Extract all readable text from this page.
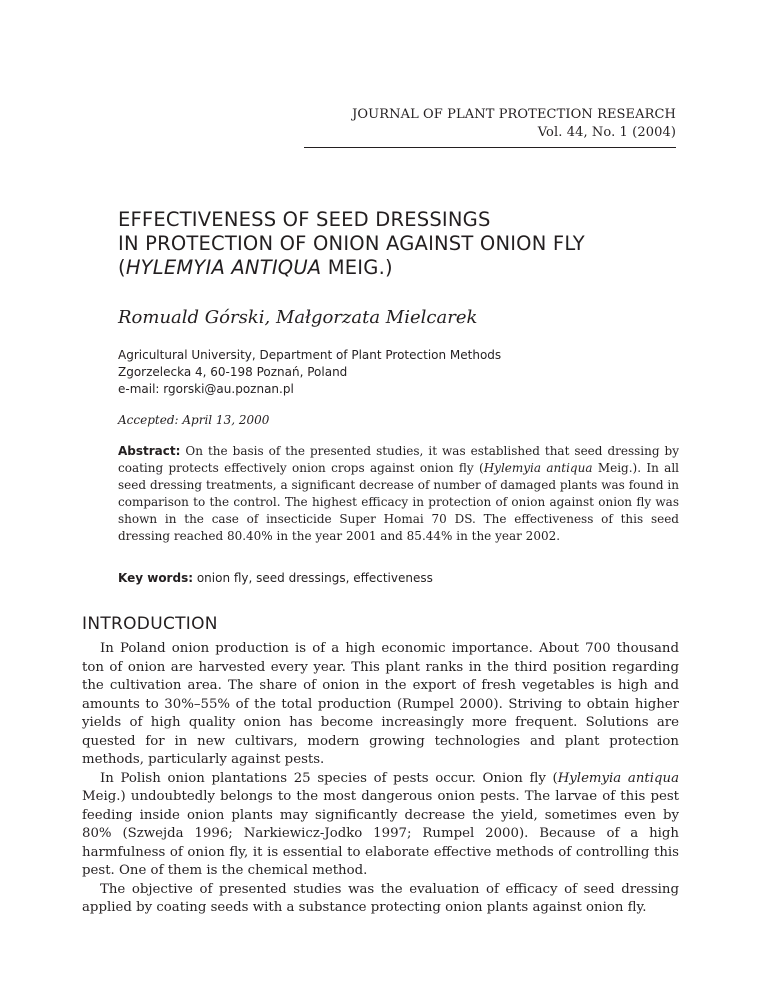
JOURNAL OF PLANT PROTECTION RESEARCH
Vol. 44, No. 1 (2004)
EFFECTIVENESS OF SEED DRESSINGS
IN PROTECTION OF ONION AGAINST ONION FLY
(HYLEMYIA ANTIQUA MEIG.)

Romuald Górski, Małgorzata Mielcarek

Agricultural University, Department of Plant Protection Methods
Zgorzelecka 4, 60-198 Poznań, Poland
e-mail: rgorski@au.poznan.pl
Accepted: April 13, 2000

Abstract: On the basis of the presented studies, it was established that seed dressing by coating protects effectively onion crops against onion fly (Hylemyia antiqua Meig.). In all seed dressing treatments, a significant decrease of number of damaged plants was found in comparison to the control. The highest efficacy in protection of onion against onion fly was shown in the case of insecticide Super Homai 70 DS. The effectiveness of this seed dressing reached 80.40% in the year 2001 and 85.44% in the year 2002.

Key words: onion fly, seed dressings, effectiveness
INTRODUCTION

In Poland onion production is of a high economic importance. About 700 thousand ton of onion are harvested every year. This plant ranks in the third position regarding the cultivation area. The share of onion in the export of fresh vegetables is high and amounts to 30%–55% of the total production (Rumpel 2000). Striving to obtain higher yields of high quality onion has become increasingly more frequent. Solutions are quested for in new cultivars, modern growing technologies and plant protection methods, particularly against pests.

In Polish onion plantations 25 species of pests occur. Onion fly (Hylemyia antiqua Meig.) undoubtedly belongs to the most dangerous onion pests. The larvae of this pest feeding inside onion plants may significantly decrease the yield, sometimes even by 80% (Szwejda 1996; Narkiewicz-Jodko 1997; Rumpel 2000). Because of a high harmfulness of onion fly, it is essential to elaborate effective methods of controlling this pest. One of them is the chemical method.

The objective of presented studies was the evaluation of efficacy of seed dressing applied by coating seeds with a substance protecting onion plants against onion fly.
